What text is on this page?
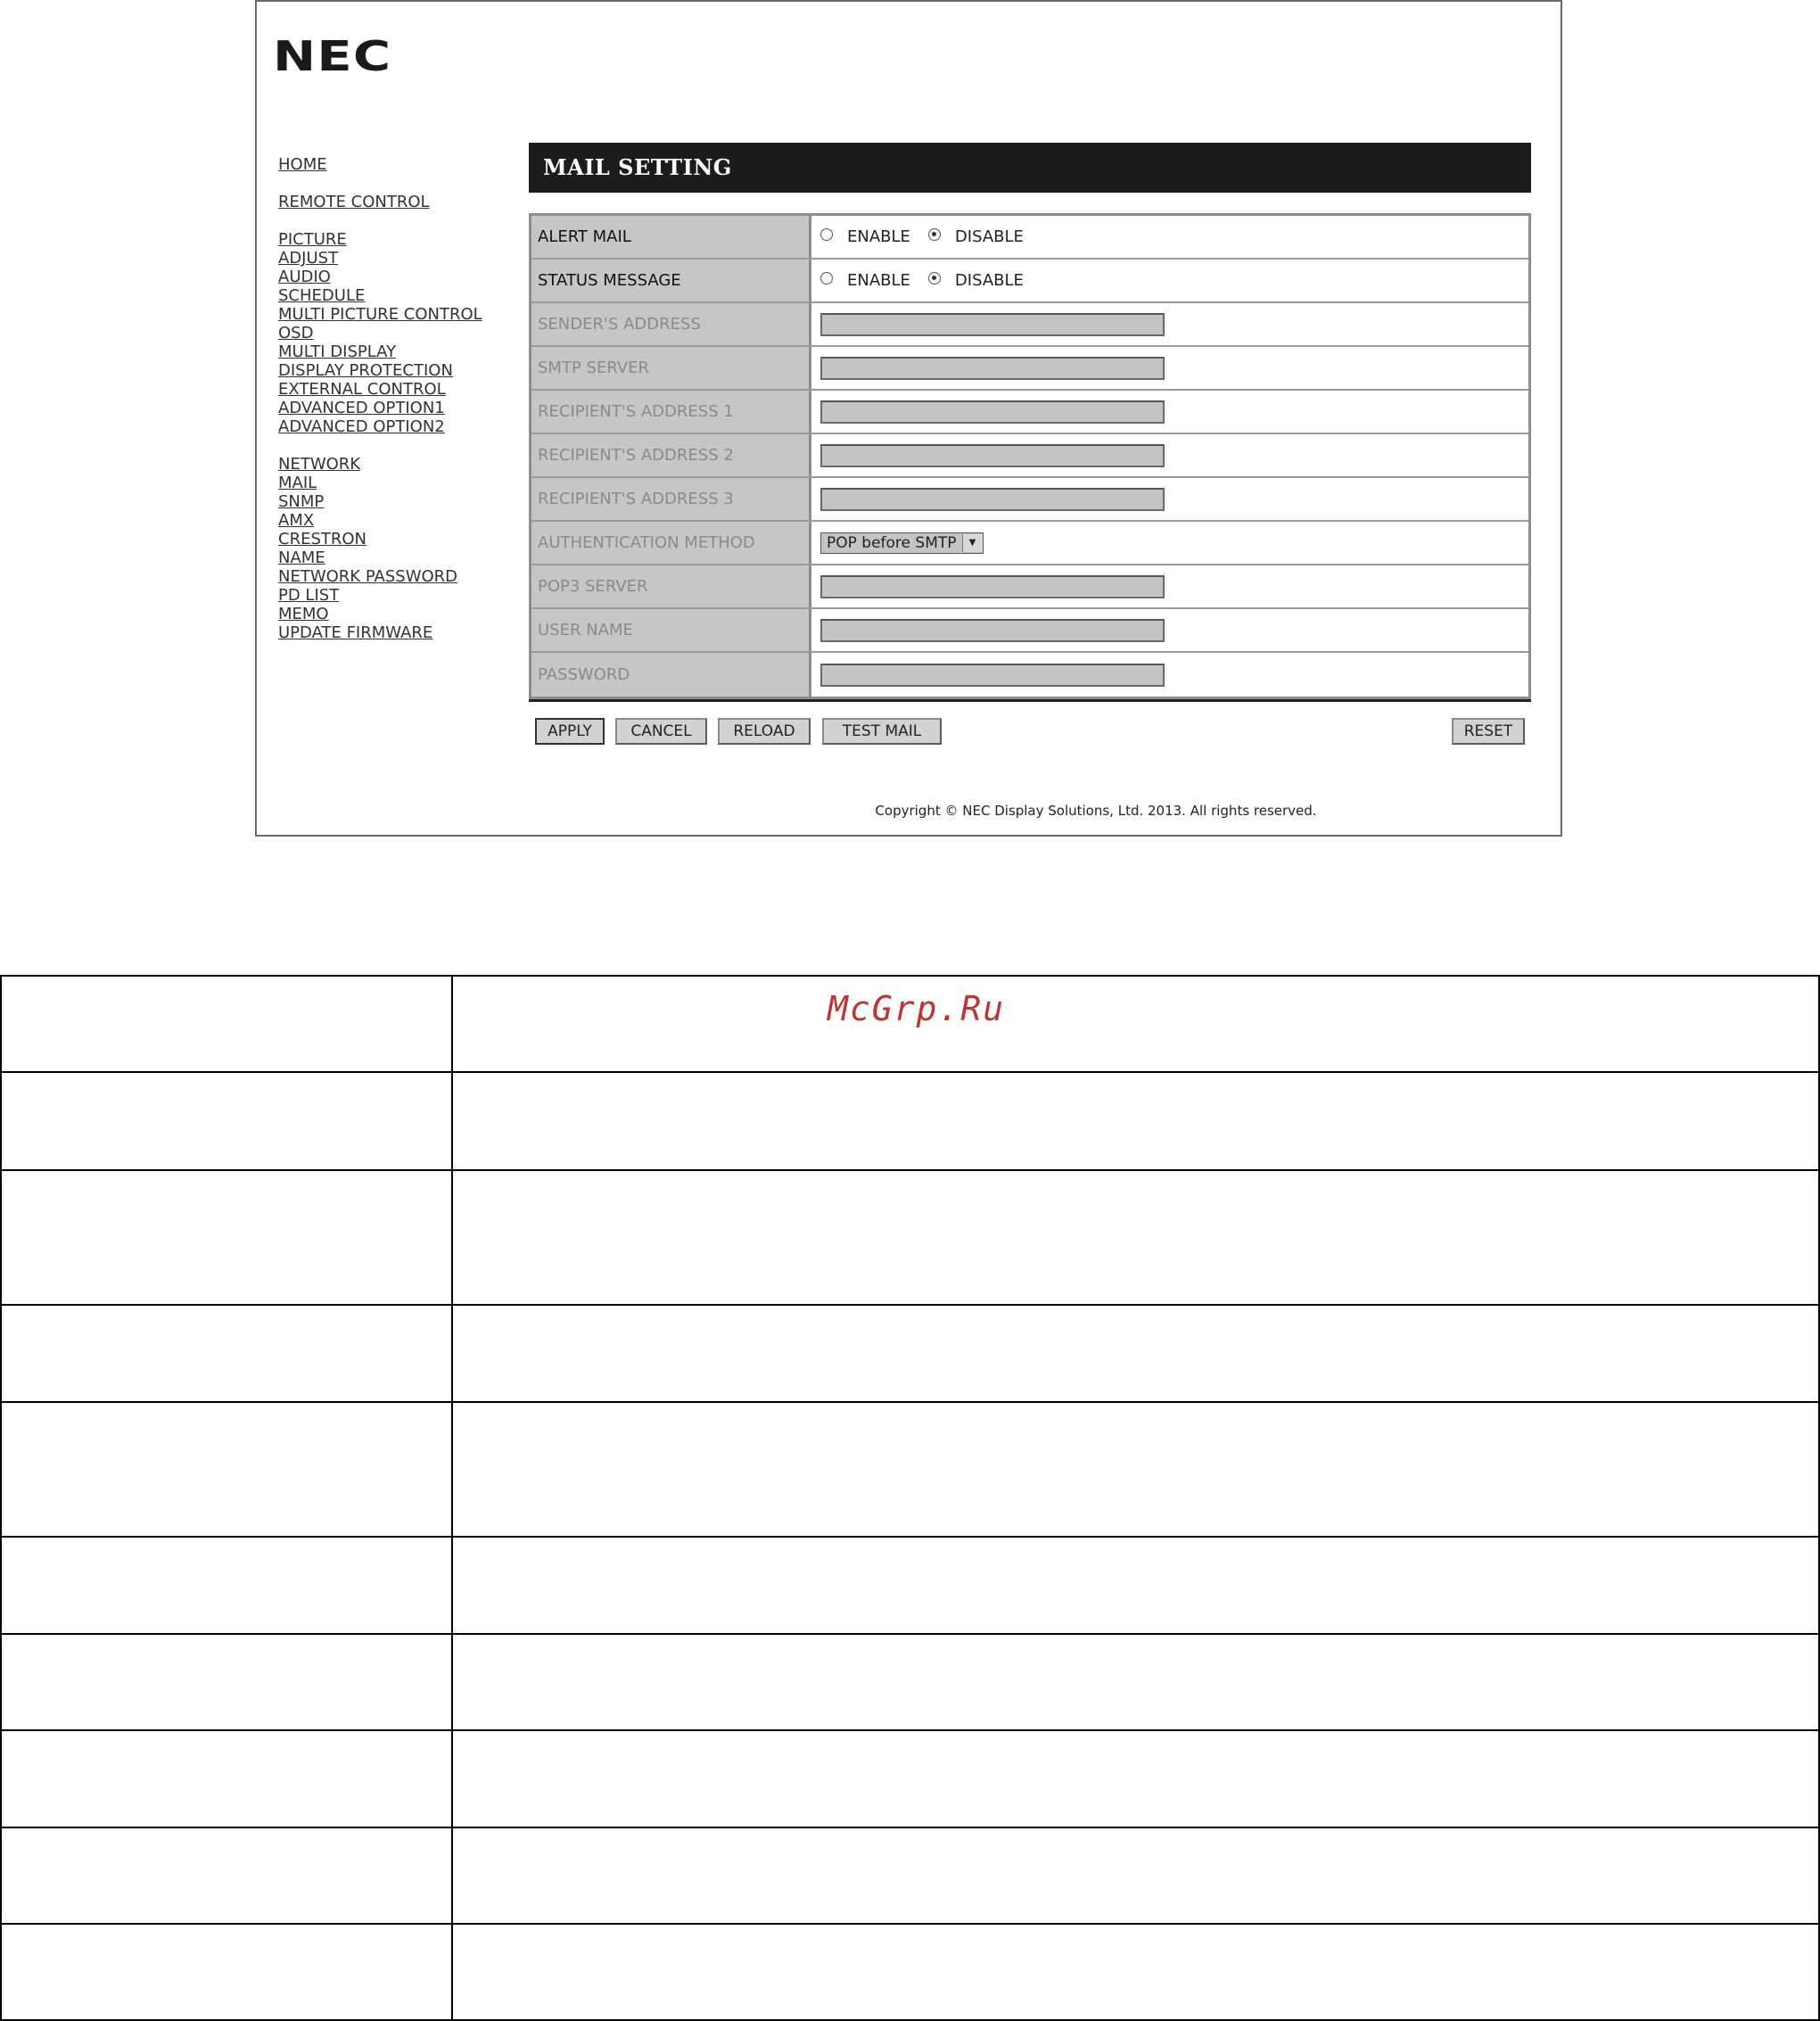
NEC
HOME
REMOTE CONTROL
PICTURE
ADJUST
AUDIO
SCHEDULE
MULTI PICTURE CONTROL
OSD
MULTI DISPLAY
DISPLAY PROTECTION
EXTERNAL CONTROL
ADVANCED OPTION1
ADVANCED OPTION2
NETWORK
MAIL
SNMP
AMX
CRESTRON
NAME
NETWORK PASSWORD
PD LIST
MEMO
UPDATE FIRMWARE
MAIL SETTING
ALERT MAIL	ENABLE	DISABLE
STATUS MESSAGE	ENABLE	DISABLE
SENDER'S ADDRESS
SMTP SERVER
RECIPIENT'S ADDRESS 1
RECIPIENT'S ADDRESS 2
RECIPIENT'S ADDRESS 3
AUTHENTICATION METHOD	POP before SMTP	▼
POP3 SERVER
USER NAME
PASSWORD
APPLY	CANCEL	RELOAD	TEST MAIL	RESET
Copyright © NEC Display Solutions, Ltd. 2013. All rights reserved.

	McGrp.Ru
